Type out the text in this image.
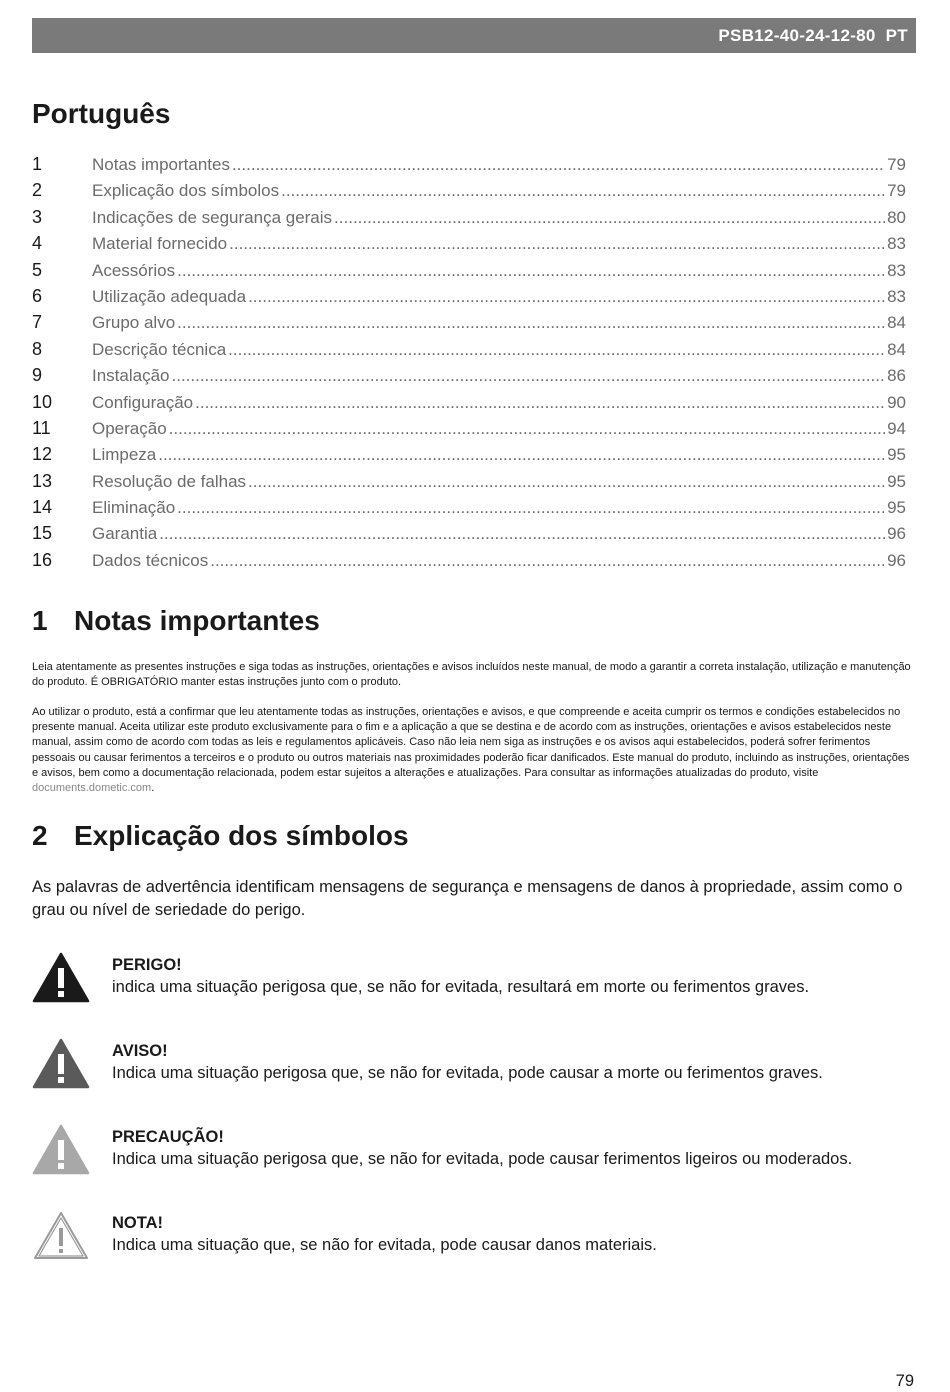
PSB12-40-24-12-80 PT
Português
1	Notas importantes .....	79
2	Explicação dos símbolos .....	79
3	Indicações de segurança gerais .....	80
4	Material fornecido .....	83
5	Acessórios .....	83
6	Utilização adequada .....	83
7	Grupo alvo .....	84
8	Descrição técnica .....	84
9	Instalação .....	86
10	Configuração .....	90
11	Operação .....	94
12	Limpeza .....	95
13	Resolução de falhas .....	95
14	Eliminação .....	95
15	Garantia .....	96
16	Dados técnicos .....	96
1 Notas importantes

Leia atentamente as presentes instruções e siga todas as instruções, orientações e avisos incluídos neste manual, de modo a garantir a correta instalação, utilização e manutenção do produto. É OBRIGATÓRIO manter estas instruções junto com o produto.

Ao utilizar o produto, está a confirmar que leu atentamente todas as instruções, orientações e avisos, e que compreende e aceita cumprir os termos e condições estabelecidos no presente manual. Aceita utilizar este produto exclusivamente para o fim e a aplicação a que se destina e de acordo com as instruções, orientações e avisos estabelecidos neste manual, assim como de acordo com todas as leis e regulamentos aplicáveis. Caso não leia nem siga as instruções e os avisos aqui estabelecidos, poderá sofrer ferimentos pessoais ou causar ferimentos a terceiros e o produto ou outros materiais nas proximidades poderão ficar danificados. Este manual do produto, incluindo as instruções, orientações e avisos, bem como a documentação relacionada, podem estar sujeitos a alterações e atualizações. Para consultar as informações atualizadas do produto, visite documents.dometic.com.

2 Explicação dos símbolos

As palavras de advertência identificam mensagens de segurança e mensagens de danos à propriedade, assim como o grau ou nível de seriedade do perigo.

PERIGO!
indica uma situação perigosa que, se não for evitada, resultará em morte ou ferimentos graves.
AVISO!
Indica uma situação perigosa que, se não for evitada, pode causar a morte ou ferimentos graves.
PRECAUÇÃO!
Indica uma situação perigosa que, se não for evitada, pode causar ferimentos ligeiros ou moderados.
NOTA!
Indica uma situação que, se não for evitada, pode causar danos materiais.
79
